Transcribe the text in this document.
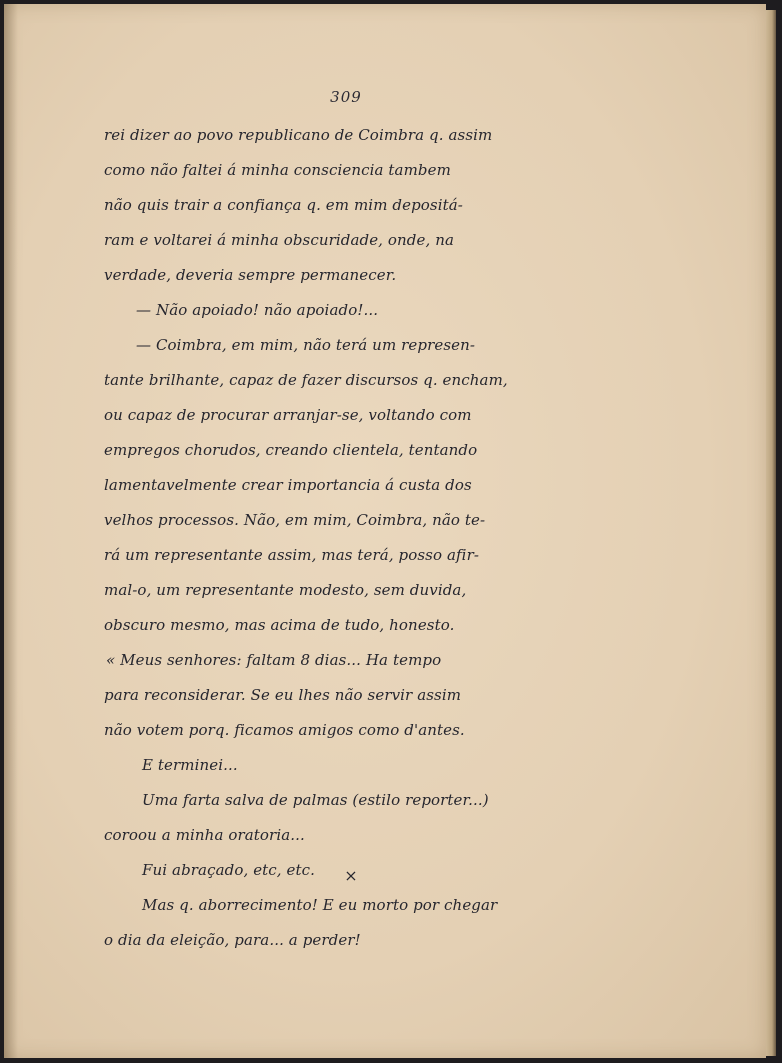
309
rei dizer ao povo republicano de Coimbra q. assim
como não faltei á minha consciencia tambem
não quis trair a confiança q. em mim depositá-
ram e voltarei á minha obscuridade, onde, na
verdade, deveria sempre permanecer.
— Não apoiado! não apoiado!...
— Coimbra, em mim, não terá um represen-
tante brilhante, capaz de fazer discursos q. encham,
ou capaz de procurar arranjar-se, voltando com
empregos chorudos, creando clientela, tentando
lamentavelmente crear importancia á custa dos
velhos processos. Não, em mim, Coimbra, não te-
rá um representante assim, mas terá, posso afir-
mal-o, um representante modesto, sem duvida,
obscuro mesmo, mas acima de tudo, honesto.
« Meus senhores: faltam 8 dias... Ha tempo
para reconsiderar. Se eu lhes não servir assim
não votem porq. ficamos amigos como d'antes.
E terminei...
Uma farta salva de palmas (estilo reporter...)
coroou a minha oratoria...
Fui abraçado, etc, etc.
Mas q. aborrecimento! E eu morto por chegar
o dia da eleição, para... a perder!
×
